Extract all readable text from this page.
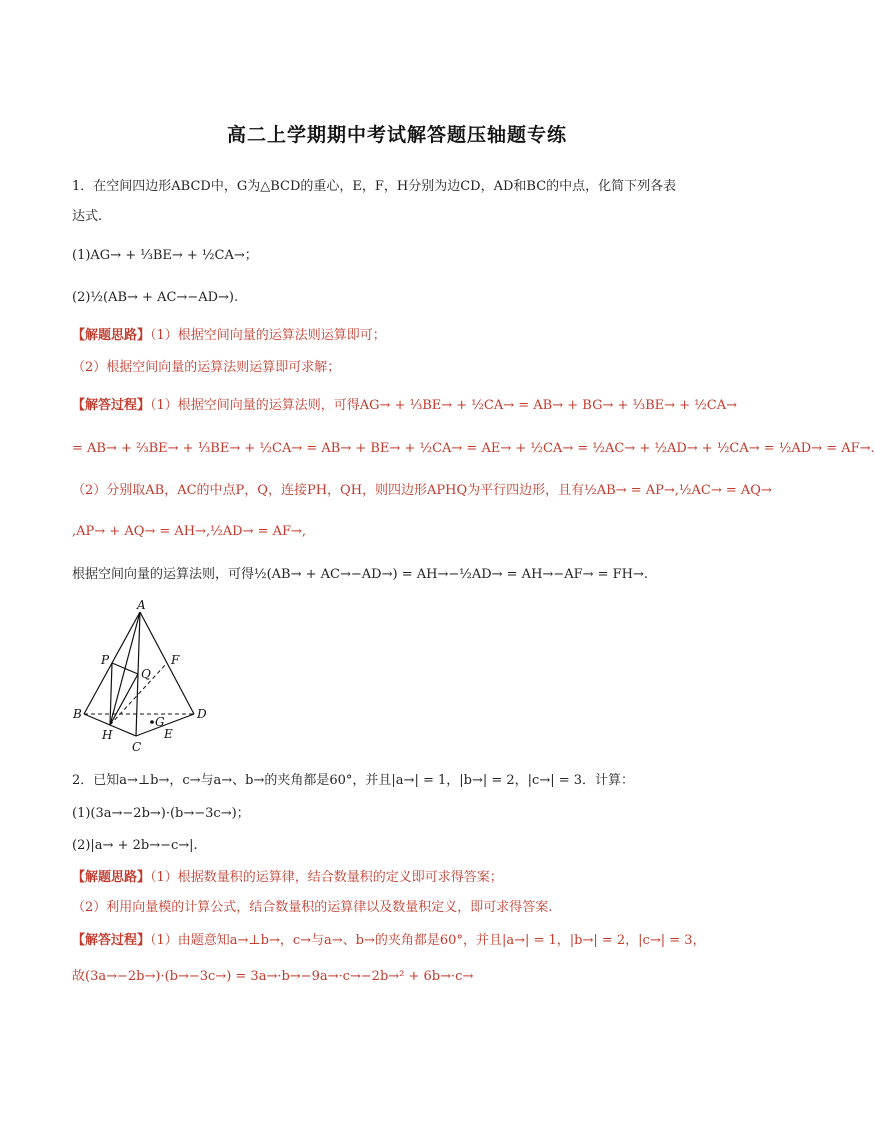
高二上学期期中考试解答题压轴题专练
1．在空间四边形ABCD中，G为△BCD的重心，E，F，H分别为边CD，AD和BC的中点，化简下列各表
达式.
(1)AG→ + ⅓BE→ + ½CA→；
(2)½(AB→ + AC→−AD→).
【解题思路】（1）根据空间向量的运算法则运算即可；
（2）根据空间向量的运算法则运算即可求解；
【解答过程】（1）根据空间向量的运算法则，可得AG→ + ⅓BE→ + ½CA→ = AB→ + BG→ + ⅓BE→ + ½CA→
= AB→ + ⅔BE→ + ⅓BE→ + ½CA→ = AB→ + BE→ + ½CA→ = AE→ + ½CA→ = ½AC→ + ½AD→ + ½CA→ = ½AD→ = AF→.
（2）分别取AB，AC的中点P，Q，连接PH，QH，则四边形APHQ为平行四边形，且有½AB→ = AP→,½AC→ = AQ→
,AP→ + AQ→ = AH→,½AD→ = AF→,
根据空间向量的运算法则，可得½(AB→ + AC→−AD→) = AH→−½AD→ = AH→−AF→ = FH→.
A
B
C
D
E
F
G
H
P
Q
2．已知a→⊥b→，c→与a→、b→的夹角都是60°，并且|a→| = 1，|b→| = 2，|c→| = 3．计算：
(1)(3a→−2b→)·(b→−3c→)；
(2)|a→ + 2b→−c→|.
【解题思路】（1）根据数量积的运算律，结合数量积的定义即可求得答案；
（2）利用向量模的计算公式，结合数量积的运算律以及数量积定义，即可求得答案.
【解答过程】（1）由题意知a→⊥b→，c→与a→、b→的夹角都是60°，并且|a→| = 1，|b→| = 2，|c→| = 3，
故(3a→−2b→)·(b→−3c→) = 3a→·b→−9a→·c→−2b→² + 6b→·c→
